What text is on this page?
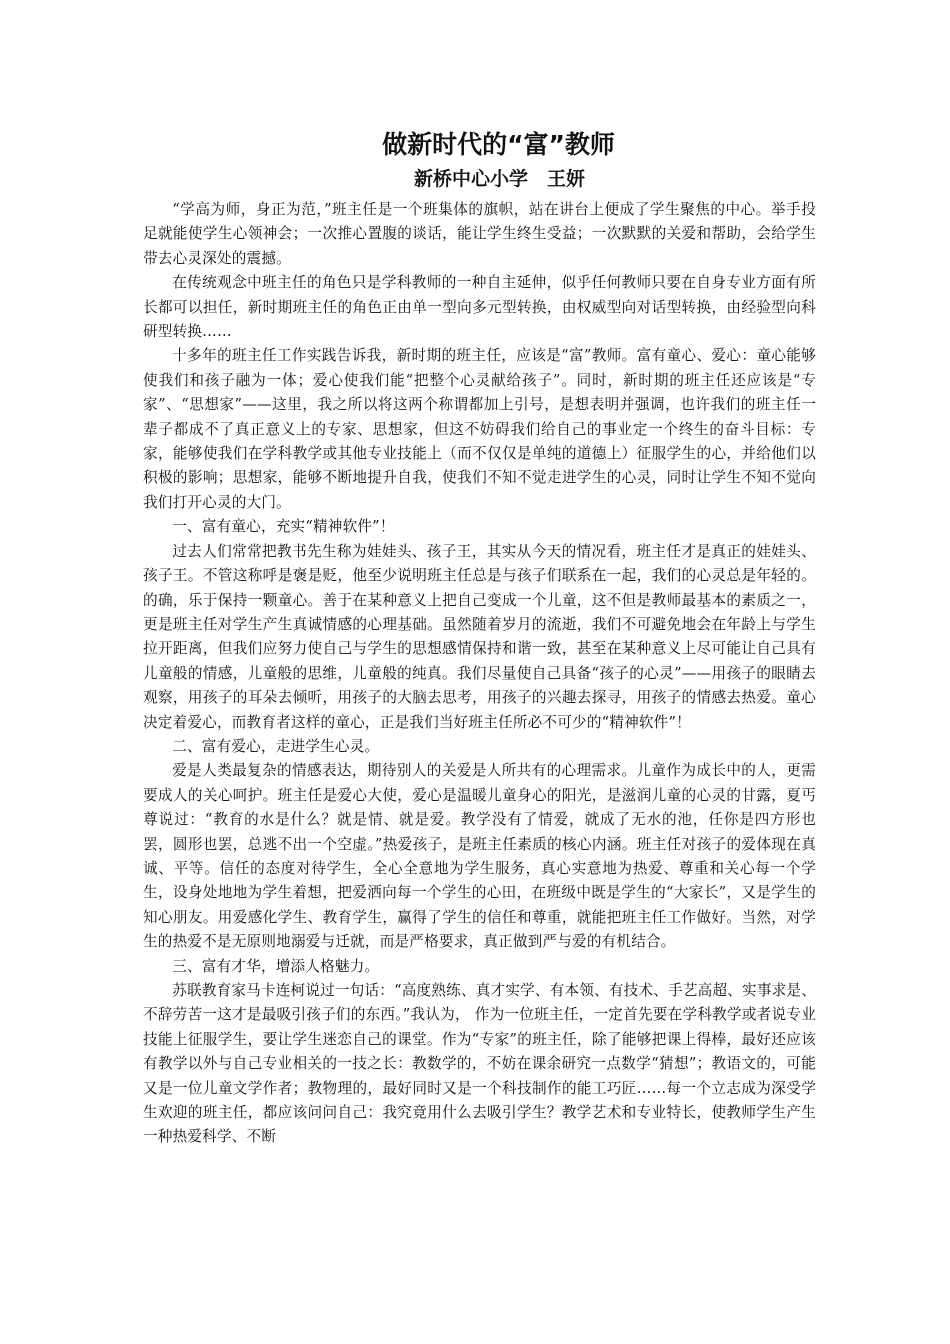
做新时代的“富”教师
新桥中心小学　王妍

“学高为师，身正为范，”班主任是一个班集体的旗帜，站在讲台上便成了学生聚焦的中心。举手投足就能使学生心领神会；一次推心置腹的谈话，能让学生终生受益；一次默默的关爱和帮助，会给学生带去心灵深处的震撼。

在传统观念中班主任的角色只是学科教师的一种自主延伸，似乎任何教师只要在自身专业方面有所长都可以担任，新时期班主任的角色正由单一型向多元型转换，由权威型向对话型转换，由经验型向科研型转换……

十多年的班主任工作实践告诉我，新时期的班主任，应该是“富”教师。富有童心、爱心：童心能够使我们和孩子融为一体；爱心使我们能“把整个心灵献给孩子”。同时，新时期的班主任还应该是“专家”、“思想家”——这里，我之所以将这两个称谓都加上引号，是想表明并强调，也许我们的班主任一辈子都成不了真正意义上的专家、思想家，但这不妨碍我们给自己的事业定一个终生的奋斗目标：专家，能够使我们在学科教学或其他专业技能上（而不仅仅是单纯的道德上）征服学生的心，并给他们以积极的影响；思想家，能够不断地提升自我，使我们不知不觉走进学生的心灵，同时让学生不知不觉向我们打开心灵的大门。

一、富有童心，充实“精神软件”！

过去人们常常把教书先生称为娃娃头、孩子王，其实从今天的情况看，班主任才是真正的娃娃头、孩子王。不管这称呼是褒是贬，他至少说明班主任总是与孩子们联系在一起，我们的心灵总是年轻的。的确，乐于保持一颗童心。善于在某种意义上把自己变成一个儿童，这不但是教师最基本的素质之一，更是班主任对学生产生真诚情感的心理基础。虽然随着岁月的流逝，我们不可避免地会在年龄上与学生拉开距离，但我们应努力使自己与学生的思想感情保持和谐一致，甚至在某种意义上尽可能让自己具有儿童般的情感，儿童般的思维，儿童般的纯真。我们尽量使自己具备“孩子的心灵”——用孩子的眼睛去观察，用孩子的耳朵去倾听，用孩子的大脑去思考，用孩子的兴趣去探寻，用孩子的情感去热爱。童心决定着爱心，而教育者这样的童心，正是我们当好班主任所必不可少的“精神软件”！

二、富有爱心，走进学生心灵。

爱是人类最复杂的情感表达，期待别人的关爱是人所共有的心理需求。儿童作为成长中的人，更需要成人的关心呵护。班主任是爱心大使，爱心是温暖儿童身心的阳光，是滋润儿童的心灵的甘露，夏丐尊说过：“教育的水是什么？就是情、就是爱。教学没有了情爱，就成了无水的池，任你是四方形也罢，圆形也罢，总逃不出一个空虚。”热爱孩子，是班主任素质的核心内涵。班主任对孩子的爱体现在真诚、平等。信任的态度对待学生，全心全意地为学生服务，真心实意地为热爱、尊重和关心每一个学生，设身处地地为学生着想，把爱洒向每一个学生的心田，在班级中既是学生的“大家长”，又是学生的知心朋友。用爱感化学生、教育学生，赢得了学生的信任和尊重，就能把班主任工作做好。当然，对学生的热爱不是无原则地溺爱与迁就，而是严格要求，真正做到严与爱的有机结合。

三、富有才华，增添人格魅力。

苏联教育家马卡连柯说过一句话：“高度熟练、真才实学、有本领、有技术、手艺高超、实事求是、不辞劳苦一这才是最吸引孩子们的东西。”我认为， 作为一位班主任，一定首先要在学科教学或者说专业技能上征服学生，要让学生迷恋自己的课堂。作为“专家”的班主任，除了能够把课上得棒，最好还应该有教学以外与自己专业相关的一技之长：教数学的，不妨在课余研究一点数学“猜想”；教语文的，可能又是一位儿童文学作者；教物理的，最好同时又是一个科技制作的能工巧匠……每一个立志成为深受学生欢迎的班主任，都应该问问自己：我究竟用什么去吸引学生？教学艺术和专业特长，使教师学生产生一种热爱科学、不断
